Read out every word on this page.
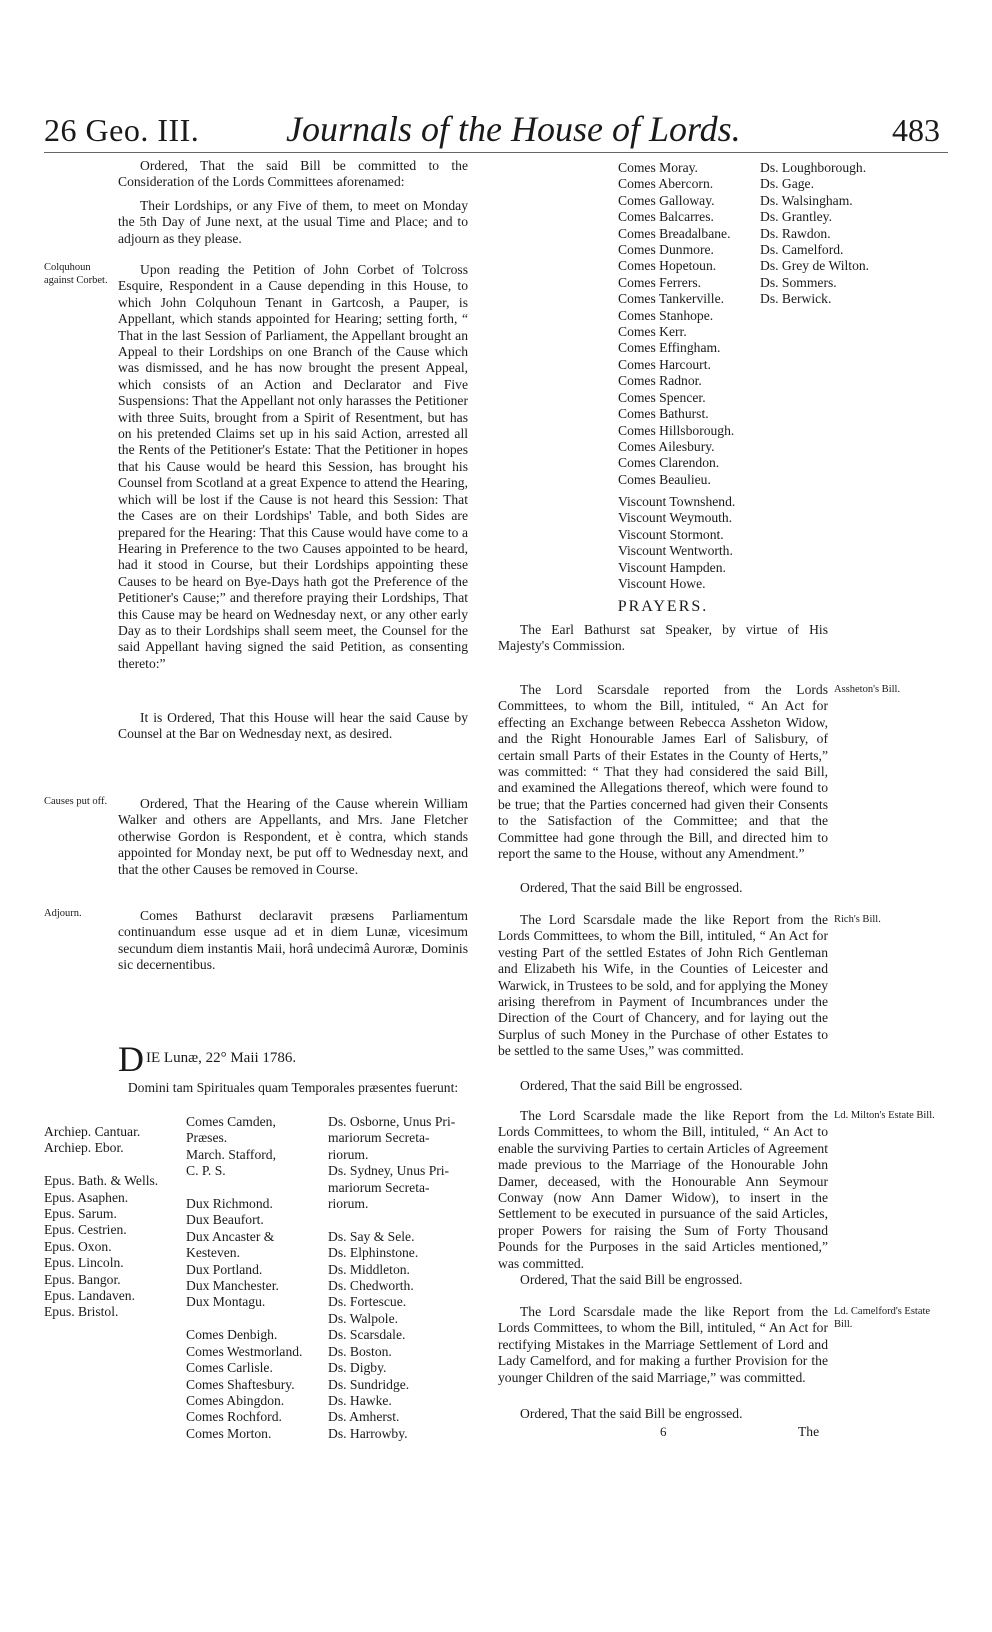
26 Geo. III. Journals of the House of Lords.	483

Ordered, That the said Bill be committed to the Consideration of the Lords Committees aforenamed:

Their Lordships, or any Five of them, to meet on Monday the 5th Day of June next, at the usual Time and Place; and to adjourn as they please.

Colquhoun against Corbet.

Upon reading the Petition of John Corbet of Tolcross Esquire, Respondent in a Cause depending in this House, to which John Colquhoun Tenant in Gartcosh, a Pauper, is Appellant, which stands appointed for Hearing; setting forth, “ That in the last Session of Parliament, the Appellant brought an Appeal to their Lordships on one Branch of the Cause which was dismissed, and he has now brought the present Appeal, which consists of an Action and Declarator and Five Suspensions: That the Appellant not only harasses the Petitioner with three Suits, brought from a Spirit of Resentment, but has on his pretended Claims set up in his said Action, arrested all the Rents of the Petitioner's Estate: That the Petitioner in hopes that his Cause would be heard this Session, has brought his Counsel from Scotland at a great Expence to attend the Hearing, which will be lost if the Cause is not heard this Session: That the Cases are on their Lordships' Table, and both Sides are prepared for the Hearing: That this Cause would have come to a Hearing in Preference to the two Causes appointed to be heard, had it stood in Course, but their Lordships appointing these Causes to be heard on Bye-Days hath got the Preference of the Petitioner's Cause;” and therefore praying their Lordships, That this Cause may be heard on Wednesday next, or any other early Day as to their Lordships shall seem meet, the Counsel for the said Appellant having signed the said Petition, as consenting thereto:”

It is Ordered, That this House will hear the said Cause by Counsel at the Bar on Wednesday next, as desired.

Causes put off.	Ordered, That the Hearing of the Cause wherein William Walker and others are Appellants, and Mrs. Jane Fletcher otherwise Gordon is Respondent, et è contra, which stands appointed for Monday next, be put off to Wednesday next, and that the other Causes be removed in Course.

Adjourn.	Comes Bathurst declaravit præsens Parliamentum continuandum esse usque ad et in diem Lunæ, vicesimum secundum diem instantis Maii, horâ undecimâ Auroræ, Dominis sic decernentibus.

D IE Lunæ, 22° Maii 1786.

Domini tam Spirituales quam Temporales præsentes fuerunt:

Archiep. Cantuar.
Archiep. Ebor.

Epus. Bath. & Wells.
Epus. Asaphen.
Epus. Sarum.
Epus. Cestrien.
Epus. Oxon.
Epus. Lincoln.
Epus. Bangor.
Epus. Landaven.
Epus. Bristol.
Comes Camden,
Præses.
March. Stafford,
C. P. S.

Dux Richmond.
Dux Beaufort.
Dux Ancaster &
Kesteven.
Dux Portland.
Dux Manchester.
Dux Montagu.

Comes Denbigh.
Comes Westmorland.
Comes Carlisle.
Comes Shaftesbury.
Comes Abingdon.
Comes Rochford.
Comes Morton.
Ds. Osborne, Unus Pri-
mariorum Secreta-
riorum.
Ds. Sydney, Unus Pri-
mariorum Secreta-
riorum.

Ds. Say & Sele.
Ds. Elphinstone.
Ds. Middleton.
Ds. Chedworth.
Ds. Fortescue.
Ds. Walpole.
Ds. Scarsdale.
Ds. Boston.
Ds. Digby.
Ds. Sundridge.
Ds. Hawke.
Ds. Amherst.
Ds. Harrowby.
Comes Moray.
Comes Abercorn.
Comes Galloway.
Comes Balcarres.
Comes Breadalbane.
Comes Dunmore.
Comes Hopetoun.
Comes Ferrers.
Comes Tankerville.
Comes Stanhope.
Comes Kerr.
Comes Effingham.
Comes Harcourt.
Comes Radnor.
Comes Spencer.
Comes Bathurst.
Comes Hillsborough.
Comes Ailesbury.
Comes Clarendon.
Comes Beaulieu.
Viscount Townshend.
Viscount Weymouth.
Viscount Stormont.
Viscount Wentworth.
Viscount Hampden.
Viscount Howe.
Ds. Loughborough.
Ds. Gage.
Ds. Walsingham.
Ds. Grantley.
Ds. Rawdon.
Ds. Camelford.
Ds. Grey de Wilton.
Ds. Sommers.
Ds. Berwick.
PRAYERS.

The Earl Bathurst sat Speaker, by virtue of His Majesty's Commission.

Assheton's Bill.

The Lord Scarsdale reported from the Lords Committees, to whom the Bill, intituled, “ An Act for effecting an Exchange between Rebecca Assheton Widow, and the Right Honourable James Earl of Salisbury, of certain small Parts of their Estates in the County of Herts,” was committed: “ That they had considered the said Bill, and examined the Allegations thereof, which were found to be true; that the Parties concerned had given their Consents to the Satisfaction of the Committee; and that the Committee had gone through the Bill, and directed him to report the same to the House, without any Amendment.”

Ordered, That the said Bill be engrossed.

Rich's Bill.

The Lord Scarsdale made the like Report from the Lords Committees, to whom the Bill, intituled, “ An Act for vesting Part of the settled Estates of John Rich Gentleman and Elizabeth his Wife, in the Counties of Leicester and Warwick, in Trustees to be sold, and for applying the Money arising therefrom in Payment of Incumbrances under the Direction of the Court of Chancery, and for laying out the Surplus of such Money in the Purchase of other Estates to be settled to the same Uses,” was committed.

Ordered, That the said Bill be engrossed.

Ld. Milton's Estate Bill.

The Lord Scarsdale made the like Report from the Lords Committees, to whom the Bill, intituled, “ An Act to enable the surviving Parties to certain Articles of Agreement made previous to the Marriage of the Honourable John Damer, deceased, with the Honourable Ann Seymour Conway (now Ann Damer Widow), to insert in the Settlement to be executed in pursuance of the said Articles, proper Powers for raising the Sum of Forty Thousand Pounds for the Purposes in the said Articles mentioned,” was committed.

Ordered, That the said Bill be engrossed.

Ld. Camelford's Estate Bill.

The Lord Scarsdale made the like Report from the Lords Committees, to whom the Bill, intituled, “ An Act for rectifying Mistakes in the Marriage Settlement of Lord and Lady Camelford, and for making a further Provision for the younger Children of the said Marriage,” was committed.

Ordered, That the said Bill be engrossed.

6	The
